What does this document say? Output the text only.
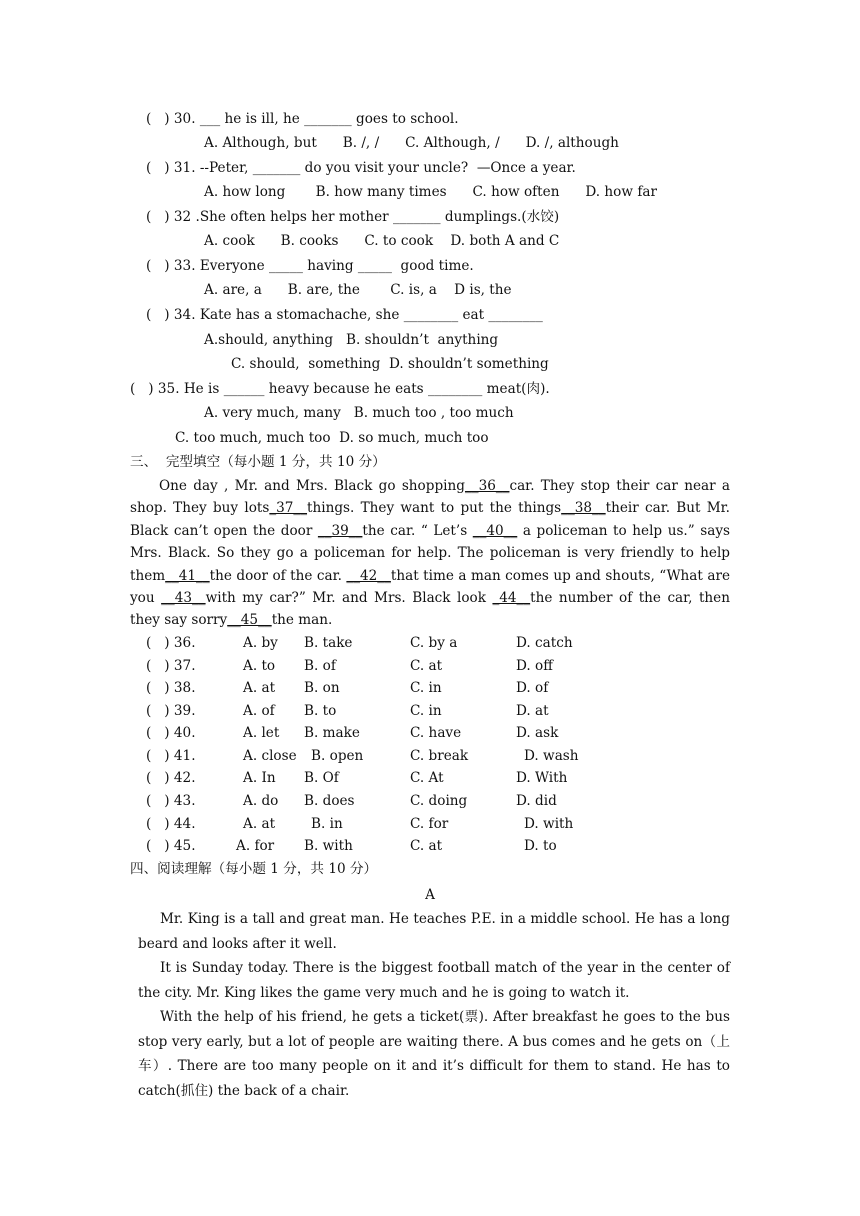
(   ) 30. ___ he is ill, he _______ goes to school.
A. Although, but      B. /, /      C. Although, /      D. /, although
(   ) 31. --Peter, _______ do you visit your uncle?  —Once a year.
A. how long       B. how many times      C. how often      D. how far
(   ) 32 .She often helps her mother _______ dumplings.(水饺)
A. cook      B. cooks      C. to cook    D. both A and C
(   ) 33. Everyone _____ having _____  good time.
A. are, a      B. are, the       C. is, a    D is, the
(   ) 34. Kate has a stomachache, she ________ eat ________
A.should, anything   B. shouldn’t  anything
C. should,  something  D. shouldn’t something
(   ) 35. He is ______ heavy because he eats ________ meat(肉).
A. very much, many   B. much too , too much
C. too much, much too  D. so much, much too
三、  完型填空（每小题 1 分，共 10 分）
One day , Mr. and Mrs. Black go shopping__36__car. They stop their car near a shop. They buy lots_37__things. They want to put the things__38__their car. But Mr. Black can’t open the door __39__the car. “ Let’s __40__ a policeman to help us.” says Mrs. Black. So they go a policeman for help. The policeman is very friendly to help them__41__the door of the car. __42__that time a man comes up and shouts, “What are you __43__with my car?” Mr. and Mrs. Black look _44__the number of the car, then they say sorry__45__the man.
(   ) 36.	A. by B. take	C. by a	D. catch
(   ) 37.	A. to B. of	C. at	D. off
(   ) 38.	A. at B. on	C. in	D. of
(   ) 39.	A. of B. to	C. in	D. at
(   ) 40.	A. let B. make	C. have	D. ask
(   ) 41.	A. close B. open	C. break	D. wash
(   ) 42.	A. In B. Of	C. At	D. With
(   ) 43.	A. do B. does	C. doing	D. did
(   ) 44.	A. at	B. in	C. for	D. with
(   ) 45.	A. for B. with	C. at	D. to
四、阅读理解（每小题 1 分，共 10 分）
A
Mr. King is a tall and great man. He teaches P.E. in a middle school. He has a long beard and looks after it well.
It is Sunday today. There is the biggest football match of the year in the center of the city. Mr. King likes the game very much and he is going to watch it.
With the help of his friend, he gets a ticket(票). After breakfast he goes to the bus stop very early, but a lot of people are waiting there. A bus comes and he gets on（上车）. There are too many people on it and it’s difficult for them to stand. He has to catch(抓住) the back of a chair.
